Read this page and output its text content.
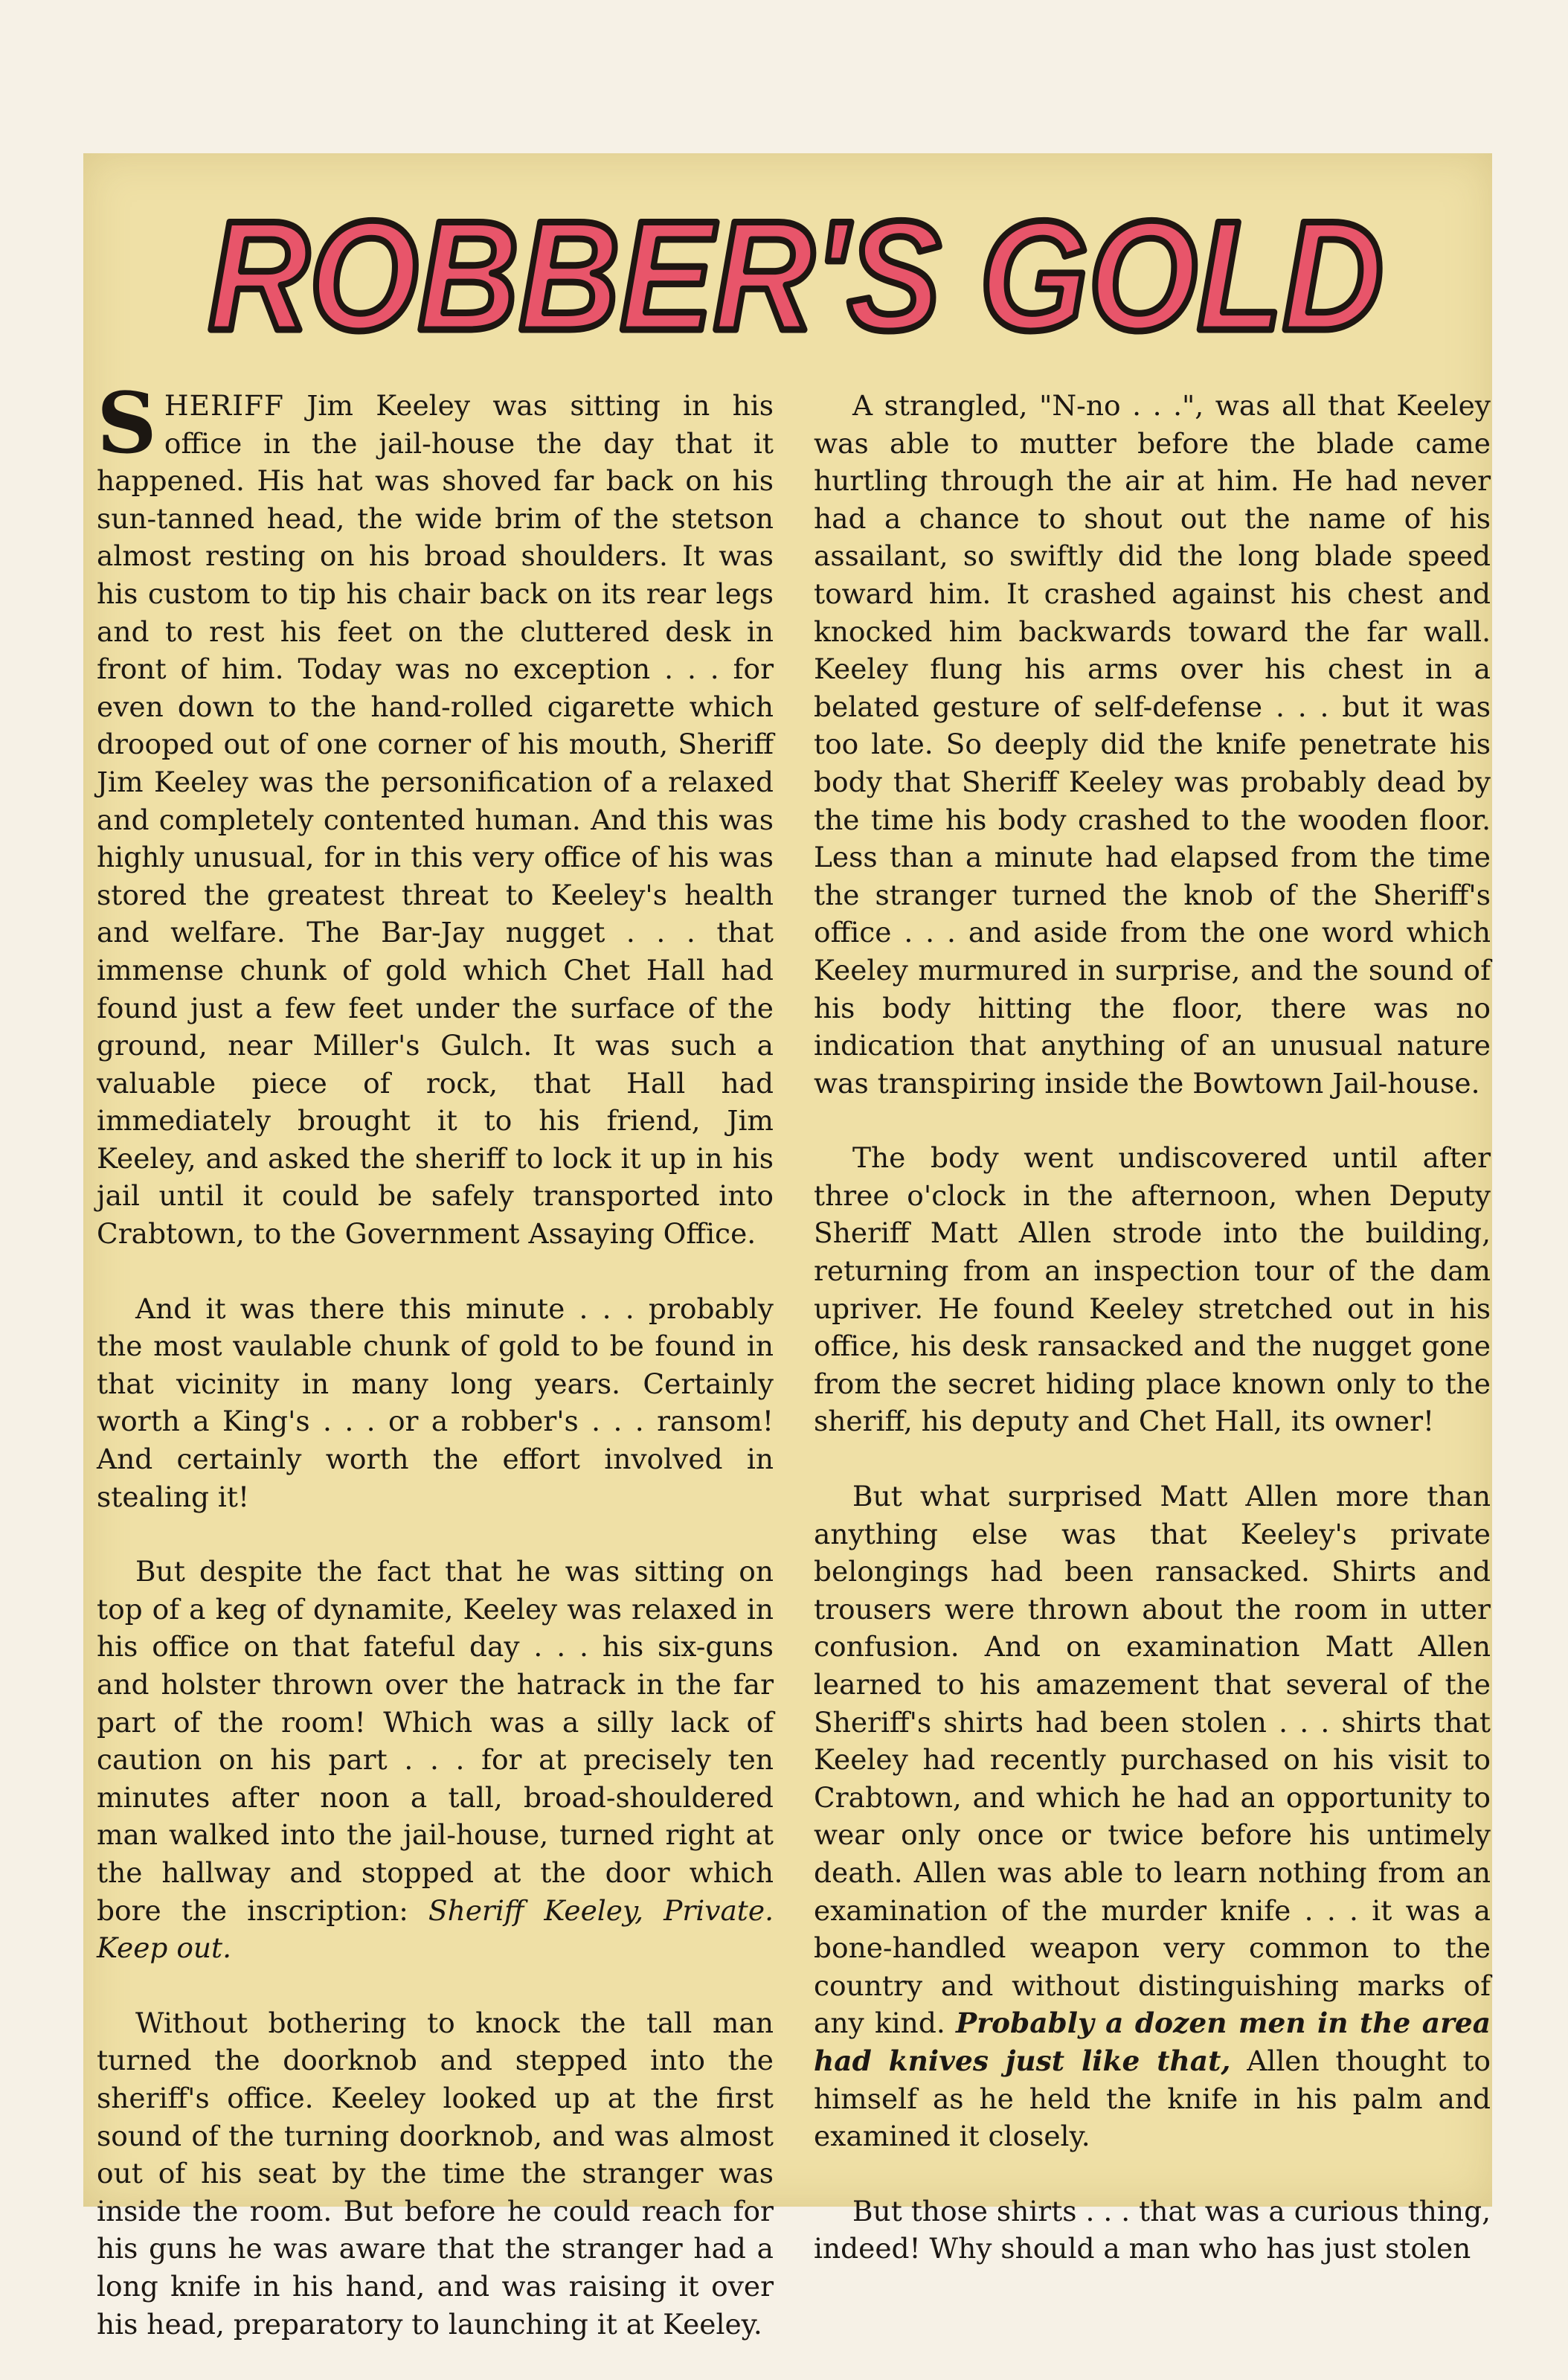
ROBBER'S GOLD

SHERIFF Jim Keeley was sitting in his office in the jail-house the day that it happened. His hat was shoved far back on his sun-tanned head, the wide brim of the stetson almost resting on his broad shoulders. It was his custom to tip his chair back on its rear legs and to rest his feet on the cluttered desk in front of him. Today was no exception . . . for even down to the hand-rolled cigarette which drooped out of one corner of his mouth, Sheriff Jim Keeley was the personification of a relaxed and completely contented human. And this was highly unusual, for in this very office of his was stored the greatest threat to Keeley's health and welfare. The Bar-Jay nugget . . . that immense chunk of gold which Chet Hall had found just a few feet under the surface of the ground, near Miller's Gulch. It was such a valuable piece of rock, that Hall had immediately brought it to his friend, Jim Keeley, and asked the sheriff to lock it up in his jail until it could be safely transported into Crabtown, to the Government Assaying Office.

And it was there this minute . . . probably the most vaulable chunk of gold to be found in that vicinity in many long years. Certainly worth a King's . . . or a robber's . . . ransom! And certainly worth the effort involved in stealing it!

But despite the fact that he was sitting on top of a keg of dynamite, Keeley was relaxed in his office on that fateful day . . . his six-guns and holster thrown over the hatrack in the far part of the room! Which was a silly lack of caution on his part . . . for at precisely ten minutes after noon a tall, broad-shouldered man walked into the jail-house, turned right at the hallway and stopped at the door which bore the inscription: Sheriff Keeley, Private. Keep out.

Without bothering to knock the tall man turned the doorknob and stepped into the sheriff's office. Keeley looked up at the first sound of the turning doorknob, and was almost out of his seat by the time the stranger was inside the room. But before he could reach for his guns he was aware that the stranger had a long knife in his hand, and was raising it over his head, preparatory to launching it at Keeley.

A strangled, "N-no . . .", was all that Keeley was able to mutter before the blade came hurtling through the air at him. He had never had a chance to shout out the name of his assailant, so swiftly did the long blade speed toward him. It crashed against his chest and knocked him backwards toward the far wall. Keeley flung his arms over his chest in a belated gesture of self-defense . . . but it was too late. So deeply did the knife penetrate his body that Sheriff Keeley was probably dead by the time his body crashed to the wooden floor. Less than a minute had elapsed from the time the stranger turned the knob of the Sheriff's office . . . and aside from the one word which Keeley murmured in surprise, and the sound of his body hitting the floor, there was no indication that anything of an unusual nature was transpiring inside the Bowtown Jail-house.

The body went undiscovered until after three o'clock in the afternoon, when Deputy Sheriff Matt Allen strode into the building, returning from an inspection tour of the dam upriver. He found Keeley stretched out in his office, his desk ransacked and the nugget gone from the secret hiding place known only to the sheriff, his deputy and Chet Hall, its owner!

But what surprised Matt Allen more than anything else was that Keeley's private belongings had been ransacked. Shirts and trousers were thrown about the room in utter confusion. And on examination Matt Allen learned to his amazement that several of the Sheriff's shirts had been stolen . . . shirts that Keeley had recently purchased on his visit to Crabtown, and which he had an opportunity to wear only once or twice before his untimely death. Allen was able to learn nothing from an examination of the murder knife . . . it was a bone-handled weapon very common to the country and without distinguishing marks of any kind. Probably a dozen men in the area had knives just like that, Allen thought to himself as he held the knife in his palm and examined it closely.

But those shirts . . . that was a curious thing, indeed! Why should a man who has just stolen
